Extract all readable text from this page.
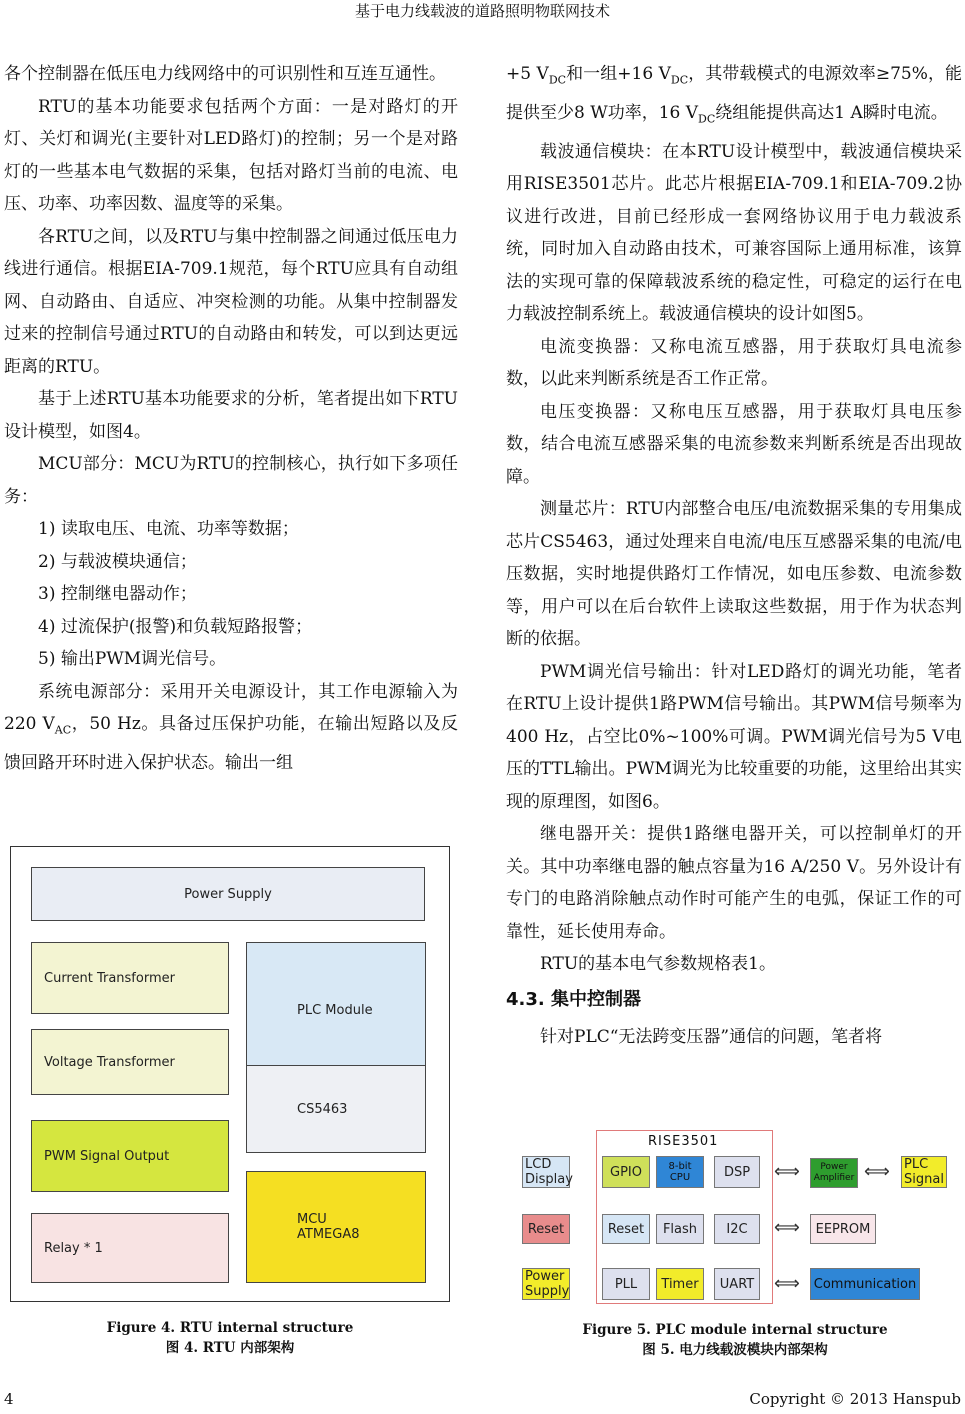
基于电力线载波的道路照明物联网技术

各个控制器在低压电力线网络中的可识别性和互连互通性。

RTU的基本功能要求包括两个方面：一是对路灯的开灯、关灯和调光(主要针对LED路灯)的控制；另一个是对路灯的一些基本电气数据的采集，包括对路灯当前的电流、电压、功率、功率因数、温度等的采集。

各RTU之间，以及RTU与集中控制器之间通过低压电力线进行通信。根据EIA-709.1规范，每个RTU应具有自动组网、自动路由、自适应、冲突检测的功能。从集中控制器发过来的控制信号通过RTU的自动路由和转发，可以到达更远距离的RTU。

基于上述RTU基本功能要求的分析，笔者提出如下RTU设计模型，如图4。

MCU部分：MCU为RTU的控制核心，执行如下多项任务：

1) 读取电压、电流、功率等数据；

2) 与载波模块通信；

3) 控制继电器动作；

4) 过流保护(报警)和负载短路报警；

5) 输出PWM调光信号。

系统电源部分：采用开关电源设计，其工作电源输入为220 $V_{AC}$，50 Hz。具备过压保护功能，在输出短路以及反馈回路开环时进入保护状态。输出一组

Power Supply
Current Transformer
Voltage Transformer
PWM Signal Output
Relay * 1
PLC Module
CS5463
MCU
ATMEGA8
Figure 4. RTU internal structure
图 4. RTU 内部架构

+5 $V_{DC}$和一组+16 $V_{DC}$，其带载模式的电源效率≥75%，能提供至少8 W功率，16 $V_{DC}$绕组能提供高达1 A瞬时电流。

载波通信模块：在本RTU设计模型中，载波通信模块采用RISE3501芯片。此芯片根据EIA-709.1和EIA-709.2协议进行改进，目前已经形成一套网络协议用于电力载波系统，同时加入自动路由技术，可兼容国际上通用标准，该算法的实现可靠的保障载波系统的稳定性，可稳定的运行在电力载波控制系统上。载波通信模块的设计如图5。

电流变换器：又称电流互感器，用于获取灯具电流参数，以此来判断系统是否工作正常。

电压变换器：又称电压互感器，用于获取灯具电压参数，结合电流互感器采集的电流参数来判断系统是否出现故障。

测量芯片：RTU内部整合电压/电流数据采集的专用集成芯片CS5463，通过处理来自电流/电压互感器采集的电流/电压数据，实时地提供路灯工作情况，如电压参数、电流参数等，用户可以在后台软件上读取这些数据，用于作为状态判断的依据。

PWM调光信号输出：针对LED路灯的调光功能，笔者在RTU上设计提供1路PWM信号输出。其PWM信号频率为400 Hz，占空比0%~100%可调。PWM调光信号为5 V电压的TTL输出。PWM调光为比较重要的功能，这里给出其实现的原理图，如图6。

继电器开关：提供1路继电器开关，可以控制单灯的开关。其中功率继电器的触点容量为16 A/250 V。另外设计有专门的电路消除触点动作时可能产生的电弧，保证工作的可靠性，延长使用寿命。

RTU的基本电气参数规格表1。

4.3. 集中控制器

针对PLC“无法跨变压器”通信的问题，笔者将

RISE3501
LCD
Display	GPIO	8-bit CPU	DSP	⟺ Power
Amplifier ⟺ PLC
Signal
Reset	Reset	Flash	I2C	⟺	EEPROM
Power
Supply	PLL	Timer	UART	⟺ Communication
Figure 5. PLC module internal structure
图 5. 电力线载波模块内部架构
4	Copyright © 2013 Hanspub
